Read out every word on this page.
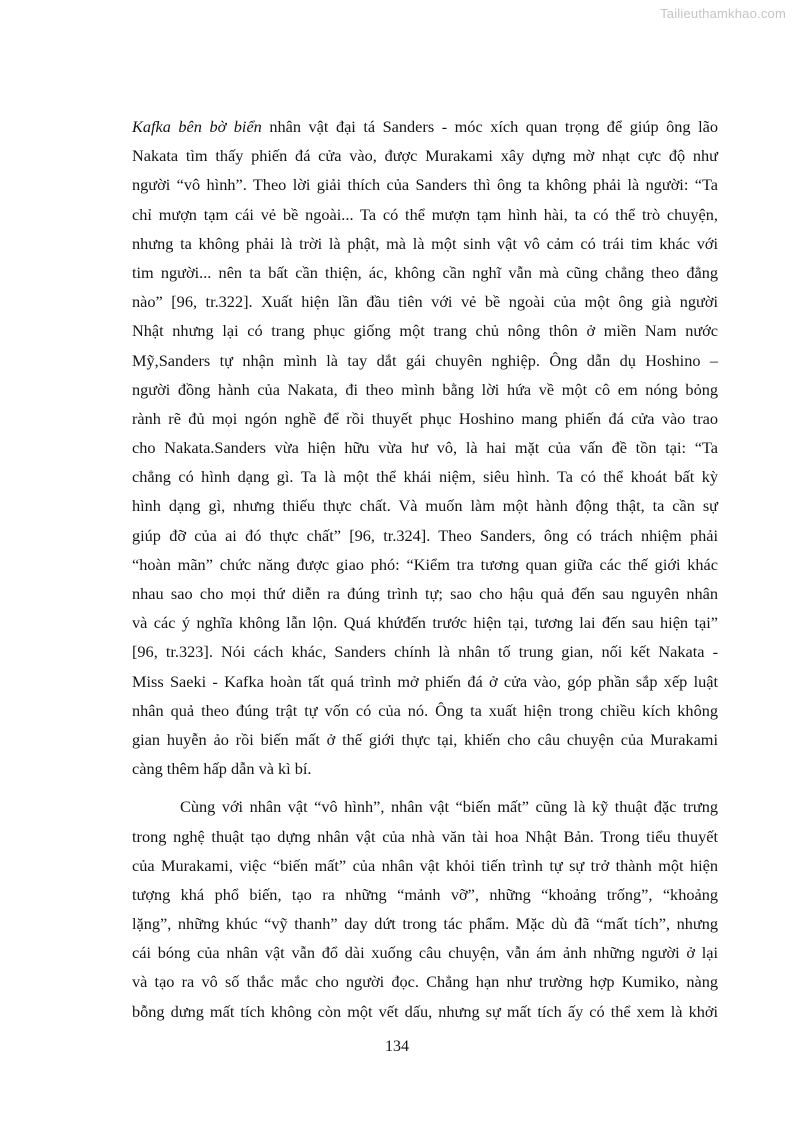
Tailieuthamkhao.com
Kafka bên bờ biển nhân vật đại tá Sanders - móc xích quan trọng để giúp ông lão
Nakata tìm thấy phiến đá cửa vào, được Murakami xây dựng mờ nhạt cực độ như
người “vô hình”. Theo lời giải thích của Sanders thì ông ta không phải là người: “Ta
chỉ mượn tạm cái vẻ bề ngoài... Ta có thể mượn tạm hình hài, ta có thể trò chuyện,
nhưng ta không phải là trời là phật, mà là một sinh vật vô cảm có trái tim khác với
tim người... nên ta bất cần thiện, ác, không cần nghĩ vẫn mà cũng chẳng theo đẳng
nào” [96, tr.322]. Xuất hiện lần đầu tiên với vẻ bề ngoài của một ông già người
Nhật nhưng lại có trang phục giống một trang chủ nông thôn ở miền Nam nước
Mỹ,Sanders tự nhận mình là tay dắt gái chuyên nghiệp. Ông dẫn dụ Hoshino –
người đồng hành của Nakata, đi theo mình bằng lời hứa về một cô em nóng bỏng
rành rẽ đủ mọi ngón nghề để rồi thuyết phục Hoshino mang phiến đá cửa vào trao
cho Nakata.Sanders vừa hiện hữu vừa hư vô, là hai mặt của vấn đề tồn tại: “Ta
chẳng có hình dạng gì. Ta là một thể khái niệm, siêu hình. Ta có thể khoát bất kỳ
hình dạng gì, nhưng thiếu thực chất. Và muốn làm một hành động thật, ta cần sự
giúp đỡ của ai đó thực chất” [96, tr.324]. Theo Sanders, ông có trách nhiệm phải
“hoàn mãn” chức năng được giao phó: “Kiểm tra tương quan giữa các thế giới khác
nhau sao cho mọi thứ diễn ra đúng trình tự; sao cho hậu quả đến sau nguyên nhân
và các ý nghĩa không lẫn lộn. Quá khứđến trước hiện tại, tương lai đến sau hiện tại”
[96, tr.323]. Nói cách khác, Sanders chính là nhân tố trung gian, nối kết Nakata -
Miss Saeki - Kafka hoàn tất quá trình mở phiến đá ở cửa vào, góp phần sắp xếp luật
nhân quả theo đúng trật tự vốn có của nó. Ông ta xuất hiện trong chiều kích không
gian huyễn ảo rồi biến mất ở thế giới thực tại, khiến cho câu chuyện của Murakami
càng thêm hấp dẫn và kì bí.
Cùng với nhân vật “vô hình”, nhân vật “biến mất” cũng là kỹ thuật đặc trưng
trong nghệ thuật tạo dựng nhân vật của nhà văn tài hoa Nhật Bản. Trong tiểu thuyết
của Murakami, việc “biến mất” của nhân vật khỏi tiến trình tự sự trở thành một hiện
tượng khá phổ biến, tạo ra những “mảnh vỡ”, những “khoảng trống”, “khoảng
lặng”, những khúc “vỹ thanh” day dứt trong tác phẩm. Mặc dù đã “mất tích”, nhưng
cái bóng của nhân vật vẫn đổ dài xuống câu chuyện, vẫn ám ảnh những người ở lại
và tạo ra vô số thắc mắc cho người đọc. Chẳng hạn như trường hợp Kumiko, nàng
bỗng dưng mất tích không còn một vết dấu, nhưng sự mất tích ấy có thể xem là khởi
134
